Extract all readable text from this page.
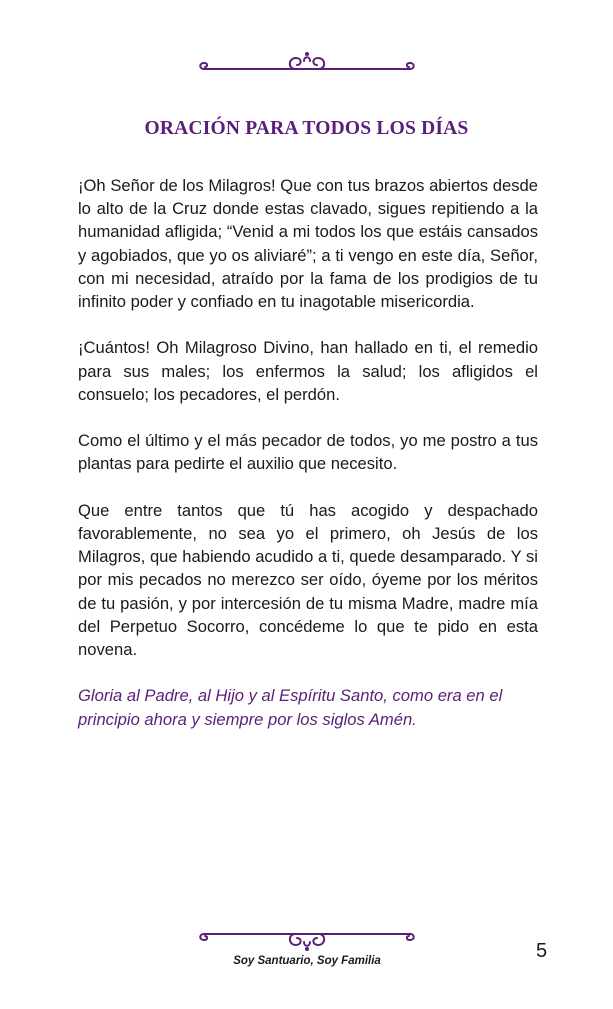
ORACIÓN PARA TODOS LOS DÍAS

¡Oh Señor de los Milagros! Que con tus brazos abiertos desde lo alto de la Cruz donde estas clavado, sigues repitiendo a la humanidad afligida; “Venid a mi todos los que estáis cansados y agobiados, que yo os aliviaré”; a ti vengo en este día, Señor, con mi necesidad, atraído por la fama de los prodigios de tu infinito poder y confiado en tu inagotable misericordia.

¡Cuántos! Oh Milagroso Divino, han hallado en ti, el remedio para sus males; los enfermos la salud; los afligidos el consuelo; los pecadores, el perdón.

Como el último y el más pecador de todos, yo me postro a tus plantas para pedirte el auxilio que necesito.

Que entre tantos que tú has acogido y despachado favorablemente, no sea yo el primero, oh Jesús de los Milagros, que habiendo acudido a ti, quede desamparado. Y si por mis pecados no merezco ser oído, óyeme por los méritos de tu pasión, y por intercesión de tu misma Madre, madre mía del Perpetuo Socorro, concédeme lo que te pido en esta novena.

Gloria al Padre, al Hijo y al Espíritu Santo, como era en el principio ahora y siempre por los siglos Amén.

5
Soy Santuario, Soy Familia
